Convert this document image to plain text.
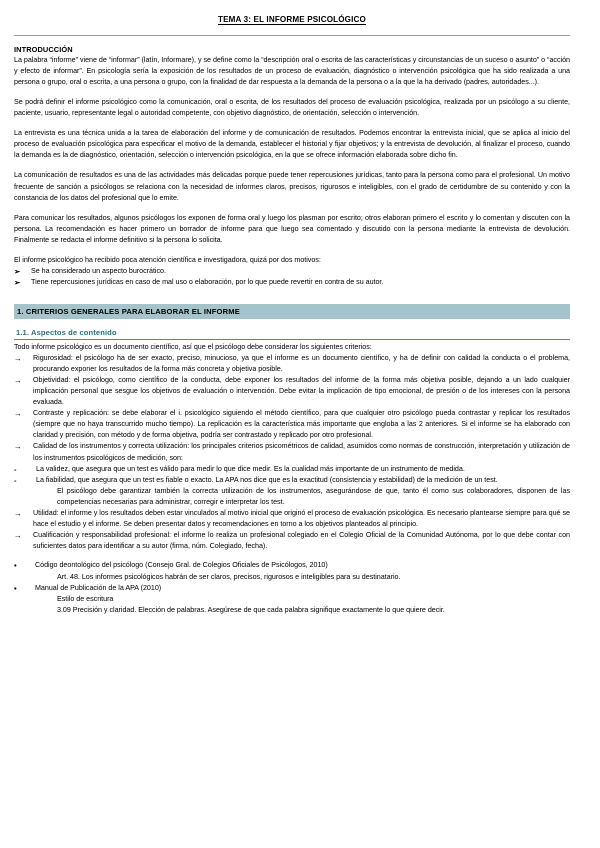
TEMA 3: EL INFORME PSICOLÓGICO
INTRODUCCIÓN

La palabra “informe” viene de “informar” (latín, Informare), y se define como la “descripción oral o escrita de las características y circunstancias de un suceso o asunto” o “acción y efecto de informar”. En psicología sería la exposición de los resultados de un proceso de evaluación, diagnóstico o intervención psicológica que ha sido realizada a una persona o grupo, oral o escrita, a una persona o grupo, con la finalidad de dar respuesta a la demanda de la persona o a la que la ha derivado (padres, autoridades...).

Se podrá definir el informe psicológico como la comunicación, oral o escrita, de los resultados del proceso de evaluación psicológica, realizada por un psicólogo a su cliente, paciente, usuario, representante legal o autoridad competente, con objetivo diagnóstico, de orientación, selección o intervención.

La entrevista es una técnica unida a la tarea de elaboración del informe y de comunicación de resultados. Podemos encontrar la entrevista inicial, que se aplica al inicio del proceso de evaluación psicológica para especificar el motivo de la demanda, establecer el historial y fijar objetivos; y la entrevista de devolución, al finalizar el proceso, cuando la demanda es la de diagnóstico, orientación, selección o intervención psicológica, en la que se ofrece información elaborada sobre dicho fin.

La comunicación de resultados es una de las actividades más delicadas porque puede tener repercusiones jurídicas, tanto para la persona como para el profesional. Un motivo frecuente de sanción a psicólogos se relaciona con la necesidad de informes claros, precisos, rigurosos e inteligibles, con el grado de certidumbre de su contenido y con la constancia de los datos del profesional que lo emite.

Para comunicar los resultados, algunos psicólogos los exponen de forma oral y luego los plasman por escrito; otros elaboran primero el escrito y lo comentan y discuten con la persona. La recomendación es hacer primero un borrador de informe para que luego sea comentado y discutido con la persona mediante la entrevista de devolución. Finalmente se redacta el informe definitivo si la persona lo solicita.

El informe psicológico ha recibido poca atención científica e investigadora, quizá por dos motivos:

➢	Se ha considerado un aspecto burocrático.
➢	Tiene repercusiones jurídicas en caso de mal uso o elaboración, por lo que puede revertir en contra de su autor.
1. CRITERIOS GENERALES PARA ELABORAR EL INFORME
1.1. Aspectos de contenido

Todo informe psicológico es un documento científico, así que el psicólogo debe considerar los siguientes criterios:

→	Rigurosidad: el psicólogo ha de ser exacto, preciso, minucioso, ya que el informe es un documento científico, y ha de definir con calidad la conducta o el problema, procurando exponer los resultados de la forma más concreta y objetiva posible.
→	Objetividad: el psicólogo, como científico de la conducta, debe exponer los resultados del informe de la forma más objetiva posible, dejando a un lado cualquier implicación personal que sesgue los objetivos de evaluación o intervención. Debe evitar la implicación de tipo emocional, de presión o de los intereses con la persona evaluada.
→	Contraste y replicación: se debe elaborar el i. psicológico siguiendo el método científico, para que cualquier otro psicólogo pueda contrastar y replicar los resultados (siempre que no haya transcurrido mucho tiempo). La replicación es la característica más importante que engloba a las 2 anteriores. Si el informe se ha elaborado con claridad y precisión, con método y de forma objetiva, podría ser contrastado y replicado por otro profesional.
→	Calidad de los instrumentos y correcta utilización: los principales criterios psicométricos de calidad, asumidos como normas de construcción, interpretación y utilización de los instrumentos psicológicos de medición, son:
-	La validez, que asegura que un test es válido para medir lo que dice medir. Es la cualidad más importante de un instrumento de medida.
-	La fiabilidad, que asegura que un test es fiable o exacto. La APA nos dice que es la exactitud (consistencia y estabilidad) de la medición de un test.

El psicólogo debe garantizar también la correcta utilización de los instrumentos, asegurándose de que, tanto él como sus colaboradores, disponen de las competencias necesarias para administrar, corregir e interpretar los test.

→	Utilidad: el informe y los resultados deben estar vinculados al motivo inicial que originó el proceso de evaluación psicológica. Es necesario plantearse siempre para qué se hace el estudio y el informe. Se deben presentar datos y recomendaciones en torno a los objetivos planteados al principio.
→	Cualificación y responsabilidad profesional: el informe lo realiza un profesional colegiado en el Colegio Oficial de la Comunidad Autónoma, por lo que debe contar con suficientes datos para identificar a su autor (firma, núm. Colegiado, fecha).
•	Código deontológico del psicólogo (Consejo Gral. de Colegios Oficiales de Psicólogos, 2010)

Art. 48. Los informes psicológicos habrán de ser claros, precisos, rigurosos e inteligibles para su destinatario.

•	Manual de Publicación de la APA (2010)

Estilo de escritura

3.09 Precisión y claridad. Elección de palabras. Asegúrese de que cada palabra signifique exactamente lo que quiere decir.
